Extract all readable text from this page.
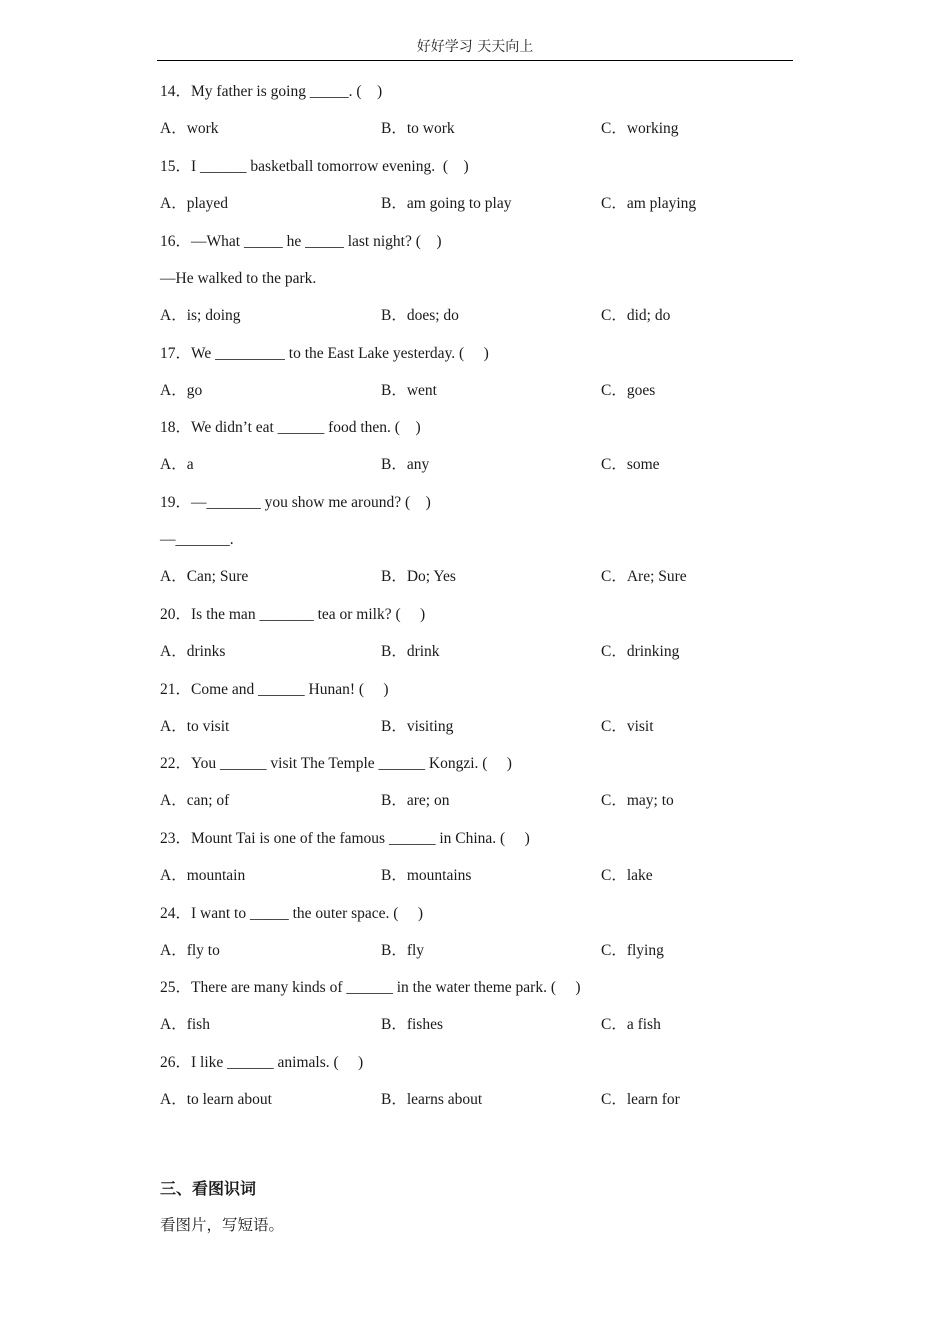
好好学习 天天向上
14．My father is going _____. (    )
A．work	B．to work	C．working
15．I ______ basketball tomorrow evening.  (    )
A．played	B．am going to play	C．am playing
16．—What _____ he _____ last night? (    )
—He walked to the park.
A．is; doing	B．does; do	C．did; do
17．We _________ to the East Lake yesterday. (     )
A．go	B．went	C．goes
18．We didn’t eat ______ food then. (    )
A．a	B．any	C．some
19．—_______ you show me around? (    )
—_______.
A．Can; Sure	B．Do; Yes	C．Are; Sure
20．Is the man _______ tea or milk? (     )
A．drinks	B．drink	C．drinking
21．Come and ______ Hunan! (     )
A．to visit	B．visiting	C．visit
22．You ______ visit The Temple ______ Kongzi. (     )
A．can; of	B．are; on	C．may; to
23．Mount Tai is one of the famous ______ in China. (     )
A．mountain	B．mountains	C．lake
24．I want to _____ the outer space. (     )
A．fly to	B．fly	C．flying
25．There are many kinds of ______ in the water theme park. (     )
A．fish	B．fishes	C．a fish
26．I like ______ animals. (     )
A．to learn about	B．learns about	C．learn for
三、看图识词
看图片，写短语。
